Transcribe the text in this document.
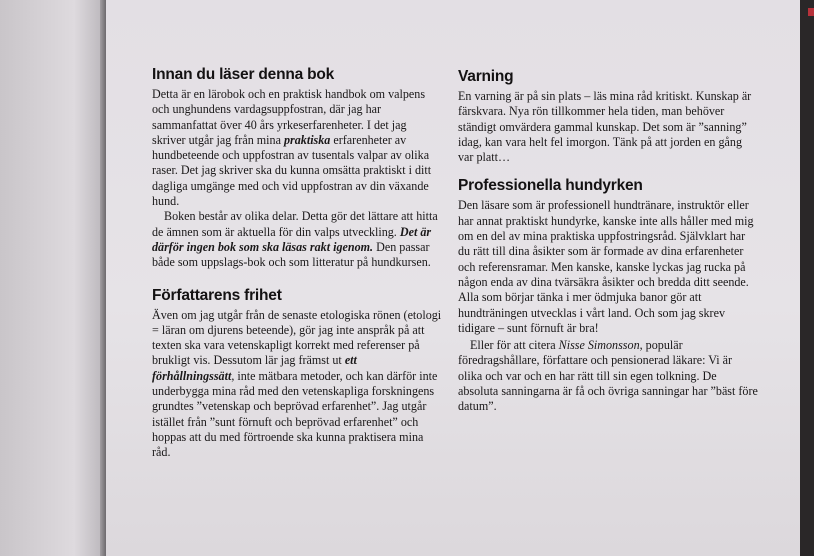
Innan du läser denna bok

Detta är en lärobok och en praktisk handbok om valpens och unghundens vardagsuppfostran, där jag har sammanfattat över 40 års yrkeserfarenheter. I det jag skriver utgår jag från mina praktiska erfarenheter av hundbeteende och uppfostran av tusentals valpar av olika raser. Det jag skriver ska du kunna omsätta praktiskt i ditt dagliga umgänge med och vid uppfostran av din växande hund.

Boken består av olika delar. Detta gör det lättare att hitta de ämnen som är aktuella för din valps utveckling. Det är därför ingen bok som ska läsas rakt igenom. Den passar både som uppslags-bok och som litteratur på hundkursen.

Författarens frihet

Även om jag utgår från de senaste etologiska rönen (etologi = läran om djurens beteende), gör jag inte anspråk på att texten ska vara vetenskapligt korrekt med referenser på brukligt vis. Dessutom lär jag främst ut ett förhållningssätt, inte mätbara metoder, och kan därför inte underbygga mina råd med den vetenskapliga forskningens grundtes ”vetenskap och beprövad erfarenhet”. Jag utgår istället från ”sunt förnuft och beprövad erfarenhet” och hoppas att du med förtroende ska kunna praktisera mina råd.

Varning

En varning är på sin plats – läs mina råd kritiskt. Kunskap är färskvara. Nya rön tillkommer hela tiden, man behöver ständigt omvärdera gammal kunskap. Det som är ”sanning” idag, kan vara helt fel imorgon. Tänk på att jorden en gång var platt…

Professionella hundyrken

Den läsare som är professionell hundtränare, instruktör eller har annat praktiskt hundyrke, kanske inte alls håller med mig om en del av mina praktiska uppfostringsråd. Självklart har du rätt till dina åsikter som är formade av dina erfarenheter och referensramar. Men kanske, kanske lyckas jag rucka på någon enda av dina tvärsäkra åsikter och bredda ditt seende. Alla som börjar tänka i mer ödmjuka banor gör att hundträningen utvecklas i vårt land. Och som jag skrev tidigare – sunt förnuft är bra!

Eller för att citera Nisse Simonsson, populär föredragshållare, författare och pensionerad läkare: Vi är olika och var och en har rätt till sin egen tolkning. De absoluta sanningarna är få och övriga sanningar har ”bäst före datum”.
